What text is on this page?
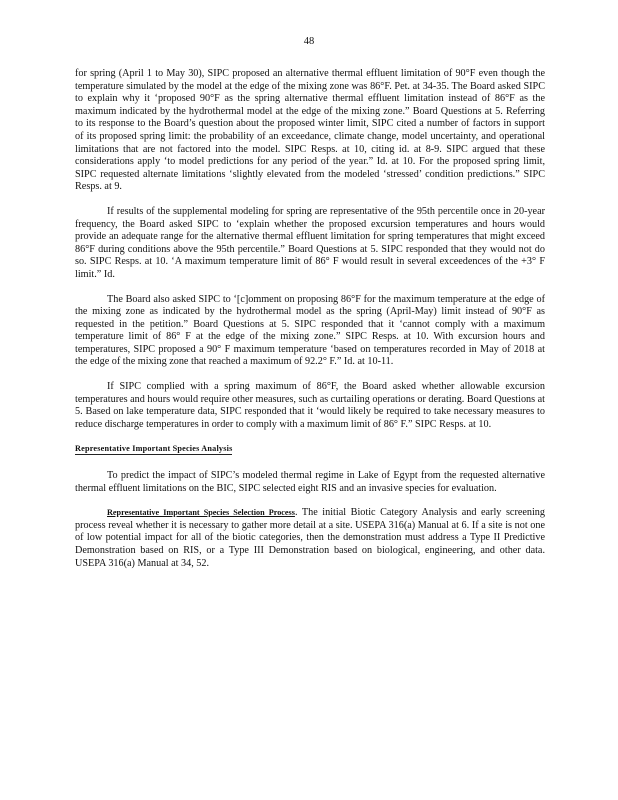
48

for spring (April 1 to May 30), SIPC proposed an alternative thermal effluent limitation of 90°F even though the temperature simulated by the model at the edge of the mixing zone was 86°F. Pet. at 34-35. The Board asked SIPC to explain why it ‘proposed 90°F as the spring alternative thermal effluent limitation instead of 86°F as the maximum indicated by the hydrothermal model at the edge of the mixing zone.” Board Questions at 5. Referring to its response to the Board’s question about the proposed winter limit, SIPC cited a number of factors in support of its proposed spring limit: the probability of an exceedance, climate change, model uncertainty, and operational limitations that are not factored into the model. SIPC Resps. at 10, citing id. at 8-9. SIPC argued that these considerations apply ‘to model predictions for any period of the year.” Id. at 10. For the proposed spring limit, SIPC requested alternate limitations ‘slightly elevated from the modeled ‘stressed’ condition predictions.” SIPC Resps. at 9.

If results of the supplemental modeling for spring are representative of the 95th percentile once in 20-year frequency, the Board asked SIPC to ‘explain whether the proposed excursion temperatures and hours would provide an adequate range for the alternative thermal effluent limitation for spring temperatures that might exceed 86°F during conditions above the 95th percentile.” Board Questions at 5. SIPC responded that they would not do so. SIPC Resps. at 10. ‘A maximum temperature limit of 86° F would result in several exceedences of the +3° F limit.” Id.

The Board also asked SIPC to ‘[c]omment on proposing 86°F for the maximum temperature at the edge of the mixing zone as indicated by the hydrothermal model as the spring (April-May) limit instead of 90°F as requested in the petition.” Board Questions at 5. SIPC responded that it ‘cannot comply with a maximum temperature limit of 86° F at the edge of the mixing zone.” SIPC Resps. at 10. With excursion hours and temperatures, SIPC proposed a 90° F maximum temperature ‘based on temperatures recorded in May of 2018 at the edge of the mixing zone that reached a maximum of 92.2° F.” Id. at 10-11.

If SIPC complied with a spring maximum of 86°F, the Board asked whether allowable excursion temperatures and hours would require other measures, such as curtailing operations or derating. Board Questions at 5. Based on lake temperature data, SIPC responded that it ‘would likely be required to take necessary measures to reduce discharge temperatures in order to comply with a maximum limit of 86° F.” SIPC Resps. at 10.

Representative Important Species Analysis

To predict the impact of SIPC’s modeled thermal regime in Lake of Egypt from the requested alternative thermal effluent limitations on the BIC, SIPC selected eight RIS and an invasive species for evaluation.

Representative Important Species Selection Process. The initial Biotic Category Analysis and early screening process reveal whether it is necessary to gather more detail at a site. USEPA 316(a) Manual at 6. If a site is not one of low potential impact for all of the biotic categories, then the demonstration must address a Type II Predictive Demonstration based on RIS, or a Type III Demonstration based on biological, engineering, and other data. USEPA 316(a) Manual at 34, 52.
